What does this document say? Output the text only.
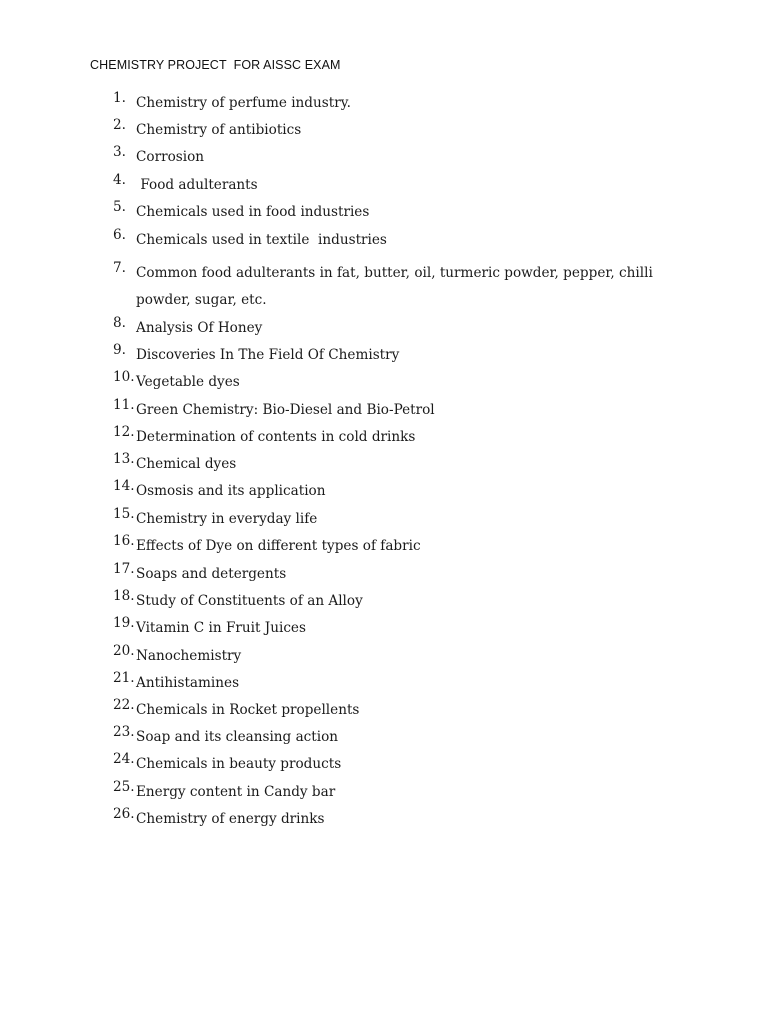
CHEMISTRY PROJECT  FOR AISSC EXAM
1. Chemistry of perfume industry.
2. Chemistry of antibiotics
3. Corrosion
4. Food adulterants
5. Chemicals used in food industries
6. Chemicals used in textile  industries
7. Common food adulterants in fat, butter, oil, turmeric powder, pepper, chilli powder, sugar, etc.
8. Analysis Of Honey
9. Discoveries In The Field Of Chemistry
10. Vegetable dyes
11. Green Chemistry: Bio-Diesel and Bio-Petrol
12. Determination of contents in cold drinks
13. Chemical dyes
14. Osmosis and its application
15. Chemistry in everyday life
16. Effects of Dye on different types of fabric
17. Soaps and detergents
18. Study of Constituents of an Alloy
19. Vitamin C in Fruit Juices
20. Nanochemistry
21. Antihistamines
22. Chemicals in Rocket propellents
23. Soap and its cleansing action
24. Chemicals in beauty products
25. Energy content in Candy bar
26. Chemistry of energy drinks
